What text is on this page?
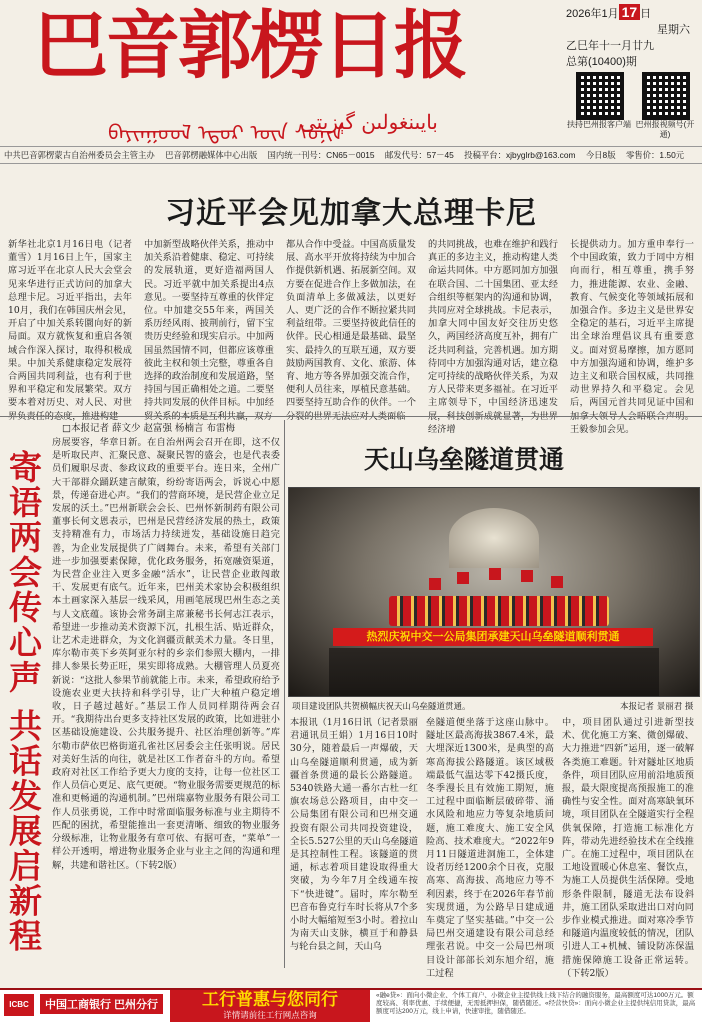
巴音郭楞日报
ᠪᠠᠶᠢᠨᠭᠣᠤᠯ ᠡᠳᠦᠷ ᠦᠨ ᠰᠣᠨᠢᠨ
بايىنغولىن گېزىتى
2026年1月 17 日
星期六
乙巳年十一月廿九
总第(10400)期
扶持巴州报客户端 巴州报视频号(开通)
中共巴音郭楞蒙古自治州委员会主管主办 巴音郭楞融媒体中心出版 国内统一刊号：CN65－0015 邮发代号：57－45 投稿平台：xjbyglrb@163.com 今日8版 零售价：1.50元
习近平会见加拿大总理卡尼
新华社北京1月16日电（记者董雪）1月16日上午，国家主席习近平在北京人民大会堂会见来华进行正式访问的加拿大总理卡尼。习近平指出，去年10月，我们在韩国庆州会见，开启了中加关系转圜向好的新局面。双方就恢复和重启各领域合作深入探讨，取得积极成果。中加关系健康稳定发展符合两国共同利益，也有利于世界和平稳定和发展繁荣。双方要本着对历史、对人民、对世界负责任的态度，推进构建
中加新型战略伙伴关系，推动中加关系沿着健康、稳定、可持续的发展轨道，更好造福两国人民。习近平就中加关系提出4点意见。一要坚持互尊重的伙伴定位。中加建交55年来，两国关系历经风雨、披荆前行，留下宝贵历史经验和现实启示。中加两国虽然国情不同，但都应该尊重彼此主权和领土完整，尊重各自选择的政治制度和发展道路，坚持国与国正确相处之道。二要坚持共同发展的伙伴目标。中加经贸关系的本质是互利共赢，双方
都从合作中受益。中国高质量发展、高水平开放将持续为中加合作提供新机遇、拓展新空间。双方要在促进合作上多做加法，在负面清单上多做减法，以更好人、更广泛的合作不断拉紧共同利益纽带。三要坚持彼此信任的伙伴。民心相通是最基础、最坚实、最持久的互联互通，双方要鼓励两国教育、文化、旅游、体育、地方等各界加强交流合作，便利人员往来，厚植民意基础。四要坚持互助合作的伙伴。一个分裂的世界无法应对人类面临
的共同挑战，也难在维护和践行真正的多边主义，推动构建人类命运共同体。中方愿同加方加强在联合国、二十国集团、亚太经合组织等框架内的沟通和协调，共同应对全球挑战。卡尼表示，加拿大同中国友好交往历史悠久，两国经济高度互补，拥有广泛共同利益，完善机遇。加方期待同中方加强沟通对话，建立稳定可持续的战略伙伴关系，为双方人民带来更多福祉。在习近平主席领导下，中国经济迅速发展，科技创新成就显著，为世界经济增
长提供动力。加方重申奉行一个中国政策，致力于同中方相向而行，相互尊重，携手努力，推进能源、农业、金融、教育、气候变化等领域拓展和加强合作。多边主义是世界安全稳定的基石，习近平主席提出全球治理倡议具有重要意义。面对贸易摩擦，加方愿同中方加强沟通和协调，维护多边主义和联合国权威，共同推动世界持久和平稳定。会见后，两国元首共同见证中国和加拿大领导人会晤联合声明。王毅参加会见。
□本报记者 薛文少 赵富强 杨楠言 布雷梅
寄语两会传心声 共话发展启新程
房展要容，华章日新。在自治州两会召开在即，这不仅是听取民声、汇聚民意、凝聚民智的盛会，也是代表委员们履职尽责、参政议政的重要平台。连日来，全州广大干部群众踊跃建言献策，纷纷寄语两会，诉说心中愿景，传递奋进心声。“我们的营商环境，是民营企业立足发展的沃土。”巴州新联会会长、巴州怀新制药有限公司董事长何文恩表示，巴州是民营经济发展的热土，政策支持精准有力，市场活力持续迸发，基础设施日趋完善，为企业发展提供了广阔舞台。未来，希望有关部门进一步加强要素保障，优化政务服务，拓宽融资渠道，为民营企业注入更多金融“活水”，让民营企业敢闯敢干、发展更有底气。近年来，巴州美术家协会积极组织本土画家深入基层一线采风，用画笔展现巴州生态之美与人文底蕴。该协会常务副主席兼秘书长何志江表示，希望进一步推动美术资源下沉，扎根生活、贴近群众，让艺术走进群众，为文化润疆贡献美术力量。冬日里，库尔勒市英下乡英阿亚尔村的乡亲们参照大棚内，一排排人参果长势正旺，果实即将成熟。大棚管理人员夏亮新说：“这批人参果节前就能上市。未来，希望政府给予设施农业更大扶持和科学引导，让广大种植户稳定增收，日子越过越好。”基层工作人员同样期待两会召开。“我期待出台更多支持社区发展的政策，比如进驻小区基础设施建设、公共服务提升、社区治理创新等。”库尔勒市萨依巴格街道孔雀社区居委会主任张明说。居民对美好生活的向往，就是社区工作者奋斗的方向。希望政府对社区工作给予更大力度的支持，让每一位社区工作人员信心更足、底气更硬。“物业服务需要更规范的标准和更畅通的沟通机制。”巴州瑞嘉物业服务有限公司工作人员张勇说，工作中时常面临服务标准与业主期待不匹配的困扰，希望能推出一套更清晰、细致的物业服务分级标准，让物业服务有章可依、有据可查，“菜单”一样公开透明，增进物业服务企业与业主之间的沟通和理解，共建和谐社区。（下转2版）
天山乌垒隧道贯通
热烈庆祝中交一公局集团承建天山乌垒隧道顺利贯通
项目建设团队共贺横幅庆祝天山乌垒隧道贯通。	本报记者 景丽君 摄
本报讯（1月16日讯（记者景丽君通讯员王娟）1月16日10时30分，随着最后一声爆破，天山乌垒隧道顺利贯通，成为新疆首条贯通的最长公路隧道。5340铁路大通一番尔古杜一红旗农场总公路项目，由中交一公局集团有限公司和巴州交通投资有限公司共同投资建设，全长5.527公里的天山乌垒隧道是其控制性工程。该隧道的贯通，标志着项目建设取得重大突破，为今年7月全线通车按下“快进键”。届时，库尔勒至巴音布鲁克行车时长将从7个多小时大幅缩短至3小时。着拉山为南天山支脉，横亘于和静县与轮台县之间，天山乌
垒隧道便坐落于这座山脉中。隧址区最高海拔3867.4米，最大埋深近1300米，是典型的高寒高海拔公路隧道。该区域极端最低气温达零下42摄氏度，冬季漫长且有效施工期短，施工过程中面临断层破碎带、涌水风险和地应力等复杂地质问题，施工难度大、施工安全风险高、技术难度大。“2022年9月11日隧道进洞施工，全体建设者历经1200余个日夜，克服高寒、高海拔、高地应力等不利因素，终于在2026年春节前实现贯通，为公路早日建成通车奠定了坚实基础。”中交一公局巴州交通建设有限公司总经理张君说。中交一公局巴州项目设计部部长刘东旭介绍，施工过程
中，项目团队通过引进新型技术、优化施工方案、微创爆破、大力推进“四新”运用，逐一破解各类施工难题。针对隧址区地质条件，项目团队应用前沿地质预报，最大限度提高预报施工的准确性与安全性。面对高寒缺氧环境，项目团队在全隧道实行全程供氧保障，打造施工标准化方阵，带动先进经验技术在全线推广。在施工过程中，项目团队在工地设置暖心休息室、餐饮点，为施工人员提供生活保障。受地形条件限制，隧道无法布设斜井，施工团队采取进出口对向同步作业模式推进。面对寒冷季节和隧道内温度较低的情况，团队引进人工+机械、铺设防冻保温措施保障施工设备正常运转。（下转2版）
ICBC	中国工商银行 巴州分行	工行普惠与您同行
详情请前往工行网点咨询
«融e贷»：面向小微企业、个体工商户、小微企业主提供线上线下结合的融资服务，最高额度可达1000万元。额度较高、利率优惠、手续便捷，无需抵押担保，随借随还。«经营快贷»：面向小微企业主提供纯信用贷款，最高额度可达200万元，线上申请，快速审批，随借随还。
